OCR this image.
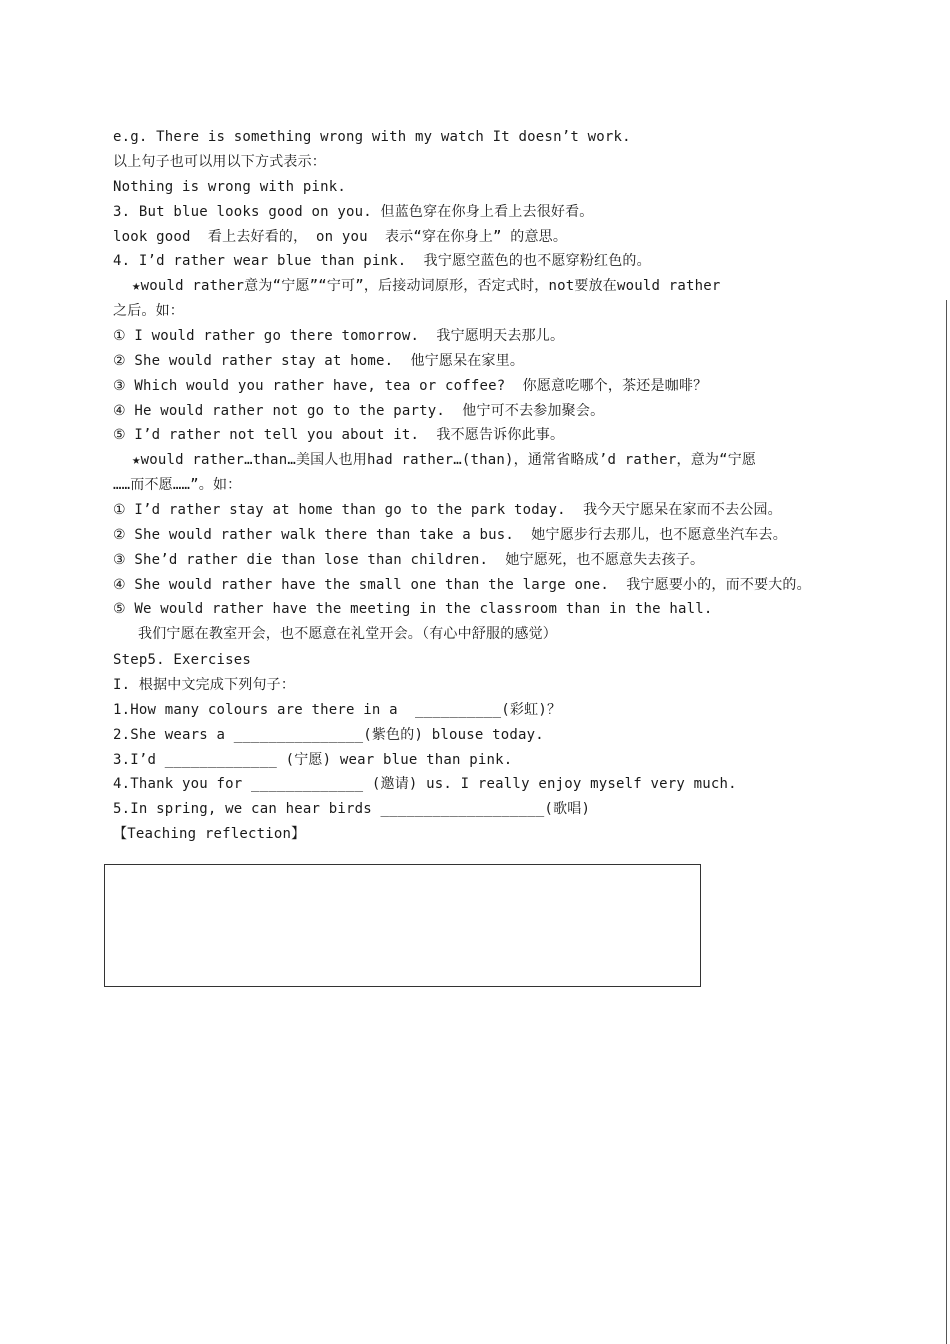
e.g. There is something wrong with my watch It doesn’t work.
以上句子也可以用以下方式表示：
Nothing is wrong with pink.
3. But blue looks good on you. 但蓝色穿在你身上看上去很好看。
look good  看上去好看的， on you  表示“穿在你身上” 的意思。
4. I’d rather wear blue than pink.  我宁愿空蓝色的也不愿穿粉红色的。
★would rather意为“宁愿”“宁可”，后接动词原形，否定式时，not要放在would rather
之后。如：
① I would rather go there tomorrow.  我宁愿明天去那儿。
② She would rather stay at home.  他宁愿呆在家里。
③ Which would you rather have, tea or coffee?  你愿意吃哪个，茶还是咖啡？
④ He would rather not go to the party.  他宁可不去参加聚会。
⑤ I’d rather not tell you about it.  我不愿告诉你此事。
★would rather…than…美国人也用had rather…(than)，通常省略成’d rather，意为“宁愿
……而不愿……”。如：
① I’d rather stay at home than go to the park today.  我今天宁愿呆在家而不去公园。
② She would rather walk there than take a bus.  她宁愿步行去那儿，也不愿意坐汽车去。
③ She’d rather die than lose than children.  她宁愿死，也不愿意失去孩子。
④ She would rather have the small one than the large one.  我宁愿要小的，而不要大的。
⑤ We would rather have the meeting in the classroom than in the hall.
我们宁愿在教室开会，也不愿意在礼堂开会。（有心中舒服的感觉）
Step5. Exercises
I. 根据中文完成下列句子：
1.How many colours are there in a  __________(彩虹)？
2.She wears a _______________(紫色的) blouse today.
3.I’d _____________ (宁愿) wear blue than pink.
4.Thank you for _____________ (邀请) us. I really enjoy myself very much.
5.In spring, we can hear birds ___________________(歌唱)
【Teaching reflection】
